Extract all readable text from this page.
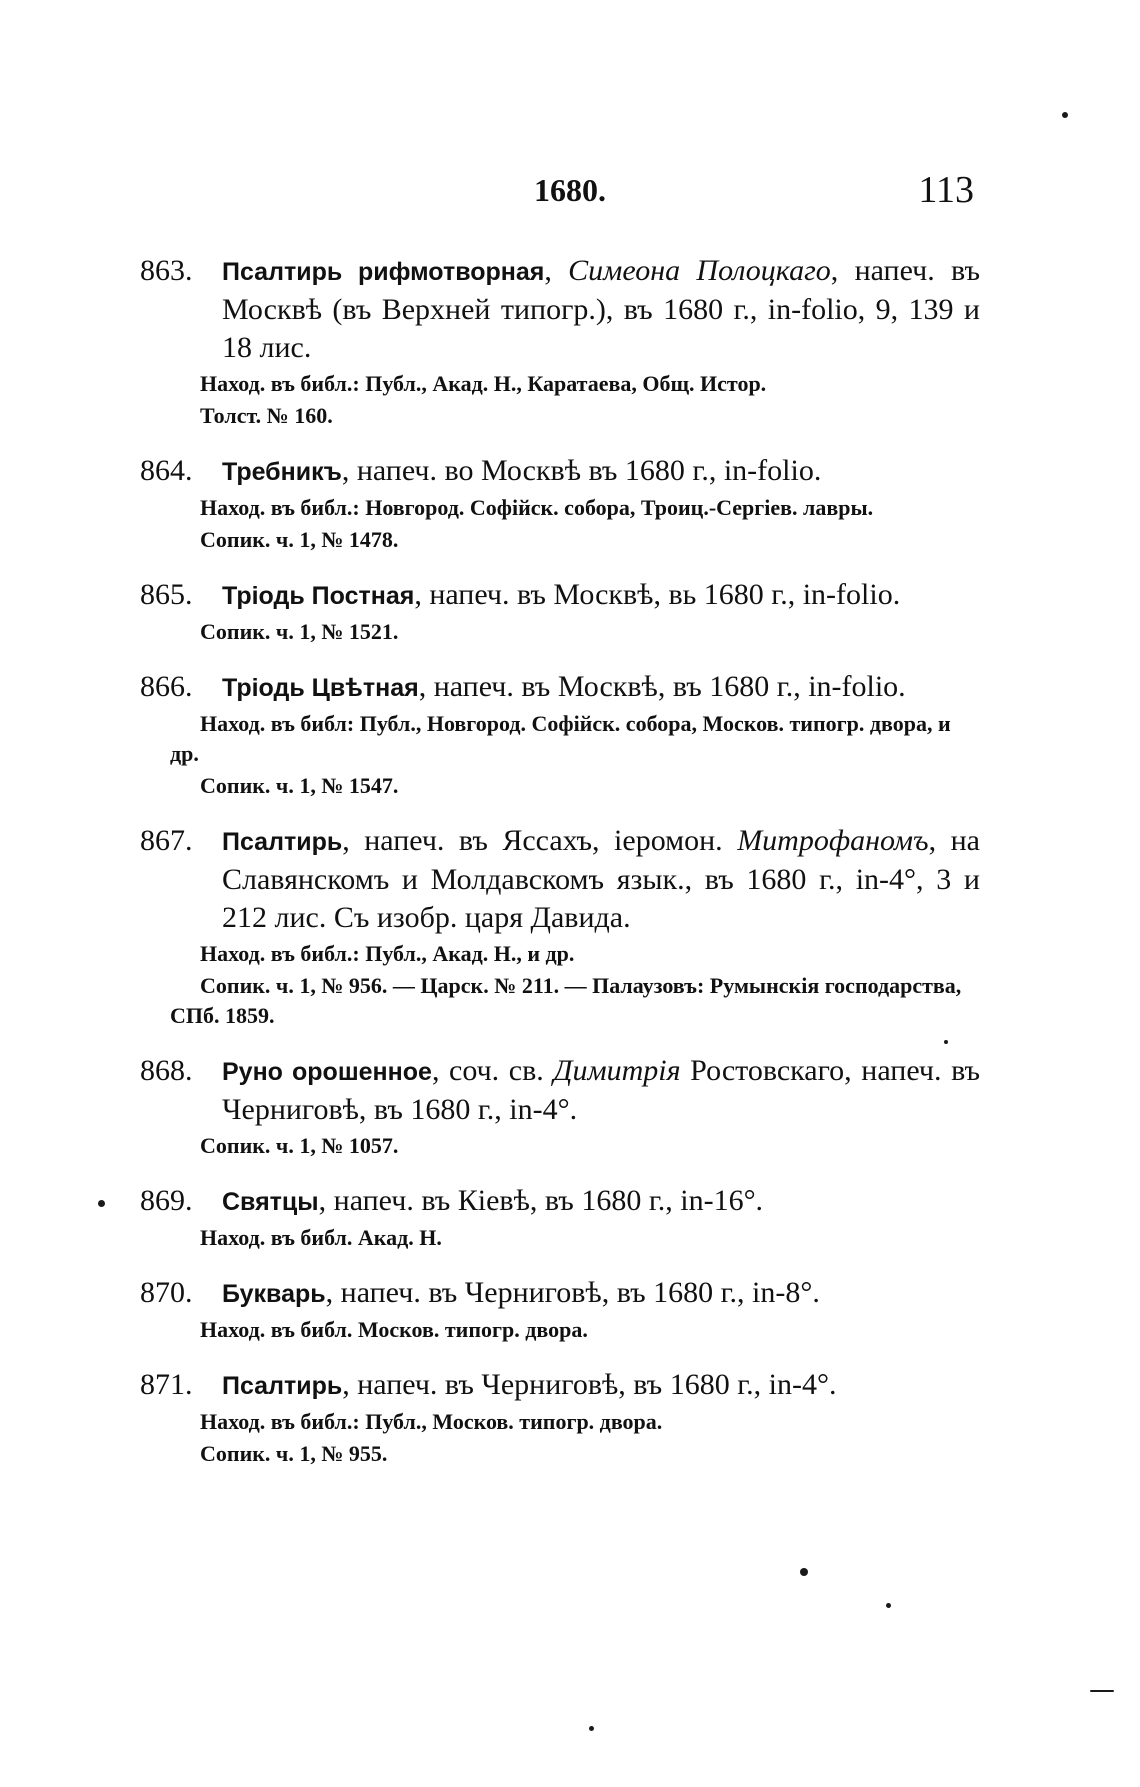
1680.	113
863.	Псалтирь рифмотворная, Симеона Полоцкаго, напеч. въ Москвѣ (въ Верхней типогр.), въ 1680 г., in-folio, 9, 139 и 18 лис.
Наход. въ библ.: Публ., Акад. Н., Каратаева, Общ. Истор.
Толст. № 160.
864.	Требникъ, напеч. во Москвѣ въ 1680 г., in-folio.
Наход. въ библ.: Новгород. Софійск. собора, Троиц.-Сергіев. лавры.
Сопик. ч. 1, № 1478.
865.	Тріодь Постная, напеч. въ Москвѣ, вь 1680 г., in-folio.
Сопик. ч. 1, № 1521.
866.	Тріодь Цвѣтная, напеч. въ Москвѣ, въ 1680 г., in-folio.
Наход. въ библ: Публ., Новгород. Софійск. собора, Москов. типогр. двора, и др.
Сопик. ч. 1, № 1547.
867.	Псалтирь, напеч. въ Яссахъ, іеромон. Митрофаномъ, на Славянскомъ и Молдавскомъ язык., въ 1680 г., in-4°, 3 и 212 лис. Съ изобр. царя Давида.
Наход. въ библ.: Публ., Акад. Н., и др.
Сопик. ч. 1, № 956. — Царск. № 211. — Палаузовъ: Румынскія господарства, СПб. 1859.
868.	Руно орошенное, соч. св. Димитрія Ростовскаго, напеч. въ Черниговѣ, въ 1680 г., in-4°.
Сопик. ч. 1, № 1057.
869.	Святцы, напеч. въ Кіевѣ, въ 1680 г., in-16°.
Наход. въ библ. Акад. Н.
870.	Букварь, напеч. въ Черниговѣ, въ 1680 г., in-8°.
Наход. въ библ. Москов. типогр. двора.
871.	Псалтирь, напеч. въ Черниговѣ, въ 1680 г., in-4°.
Наход. въ библ.: Публ., Москов. типогр. двора.
Сопик. ч. 1, № 955.
